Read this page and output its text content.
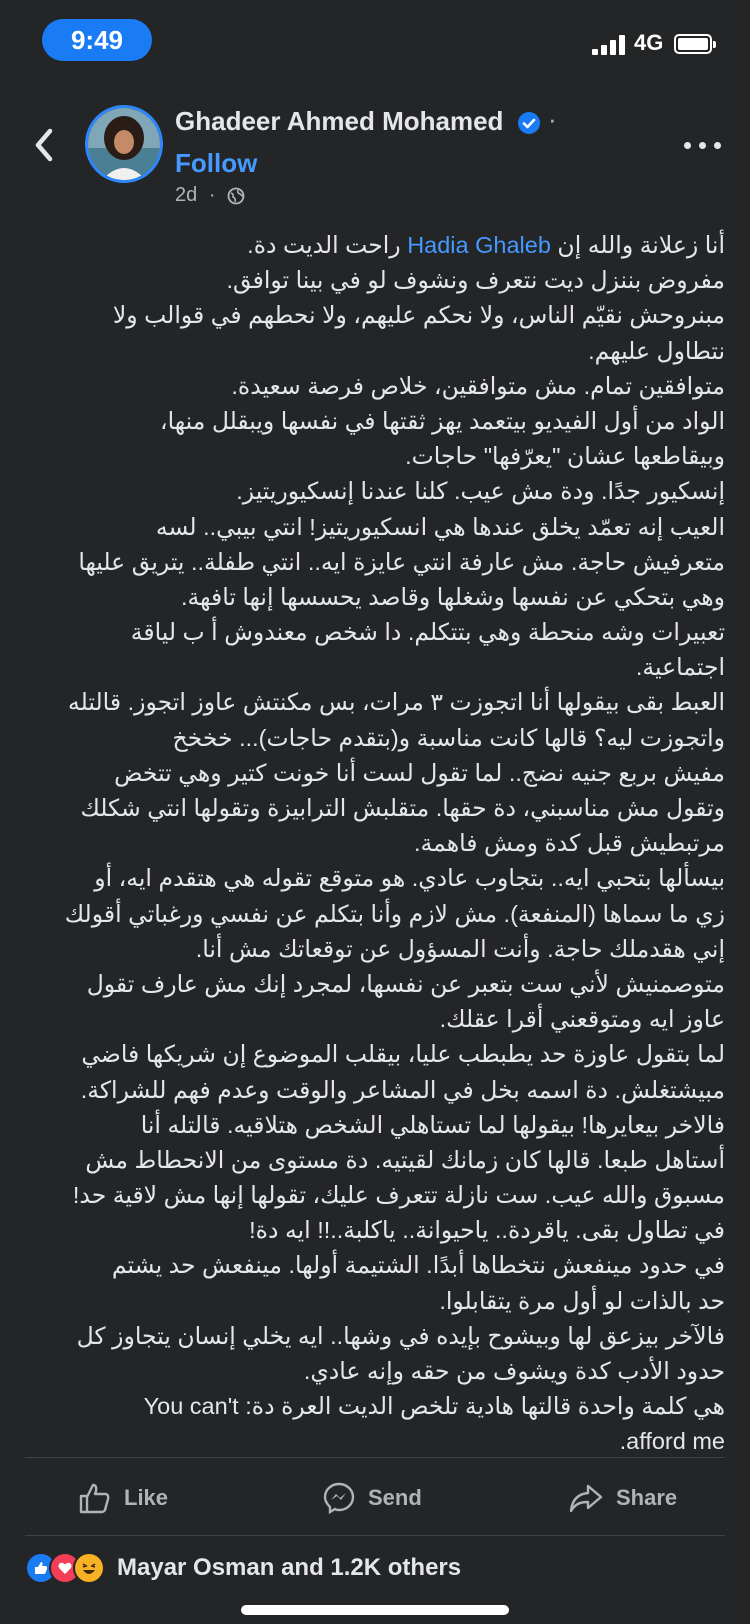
9:49	4G
Ghadeer Ahmed Mohamed	·
Follow
2d ·
أنا زعلانة والله إن Hadia Ghaleb راحت الديت دة.
مفروض بننزل ديت نتعرف ونشوف لو في بينا توافق.
مبنروحش نقيّم الناس، ولا نحكم عليهم، ولا نحطهم في قوالب ولا
نتطاول عليهم.
متوافقين تمام. مش متوافقين، خلاص فرصة سعيدة.
الواد من أول الفيديو بيتعمد يهز ثقتها في نفسها ويبقلل منها،
وبيقاطعها عشان "يعرّفها" حاجات.
إنسكيور جدًا. ودة مش عيب. كلنا عندنا إنسكيوريتيز.
العيب إنه تعمّد يخلق عندها هي انسكيوريتيز! انتي بيبي.. لسه
متعرفيش حاجة. مش عارفة انتي عايزة ايه.. انتي طفلة.. يتريق عليها
وهي بتحكي عن نفسها وشغلها وقاصد يحسسها إنها تافهة.
تعبيرات وشه منحطة وهي بتتكلم. دا شخص معندوش أ ب لياقة
اجتماعية.
العبط بقى بيقولها أنا اتجوزت ٣ مرات، بس مكنتش عاوز اتجوز. قالتله
واتجوزت ليه؟ قالها كانت مناسبة و(بتقدم حاجات)... خخخخ
مفيش بربع جنيه نضج.. لما تقول لست أنا خونت كتير وهي تتخض
وتقول مش مناسبني، دة حقها. متقلبش الترابيزة وتقولها انتي شكلك
مرتبطيش قبل كدة ومش فاهمة.
بيسألها بتحبي ايه.. بتجاوب عادي. هو متوقع تقوله هي هتقدم ايه، أو
زي ما سماها (المنفعة). مش لازم وأنا بتكلم عن نفسي ورغباتي أقولك
إني هقدملك حاجة. وأنت المسؤول عن توقعاتك مش أنا.
متوصمنيش لأني ست بتعبر عن نفسها، لمجرد إنك مش عارف تقول
عاوز ايه ومتوقعني أقرا عقلك.
لما بتقول عاوزة حد يطبطب عليا، بيقلب الموضوع إن شريكها فاضي
مبيشتغلش. دة اسمه بخل في المشاعر والوقت وعدم فهم للشراكة.
فالاخر بيعايرها! بيقولها لما تستاهلي الشخص هتلاقيه. قالتله أنا
أستاهل طبعا. قالها كان زمانك لقيتيه. دة مستوى من الانحطاط مش
مسبوق والله عيب. ست نازلة تتعرف عليك، تقولها إنها مش لاقية حد!
في تطاول بقى. ياقردة.. ياحيوانة.. ياكلبة..!! ايه دة!
في حدود مينفعش نتخطاها أبدًا. الشتيمة أولها. مينفعش حد يشتم
حد بالذات لو أول مرة يتقابلوا.
فالآخر بيزعق لها وبيشوح بإيده في وشها.. ايه يخلي إنسان يتجاوز كل
حدود الأدب كدة ويشوف من حقه وإنه عادي.
هي كلمة واحدة قالتها هادية تلخص الديت العرة دة: You can't
afford me.
Like	Send	Share
Mayar Osman and 1.2K others
